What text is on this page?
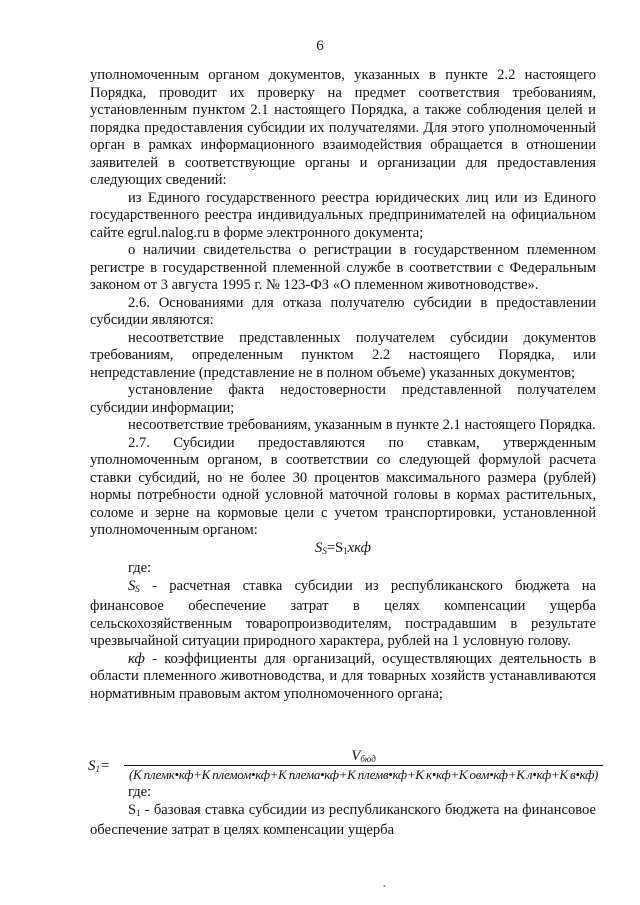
6

уполномоченным органом документов, указанных в пункте 2.2 настоящего Порядка, проводит их проверку на предмет соответствия требованиям, установленным пунктом 2.1 настоящего Порядка, а также соблюдения целей и порядка предоставления субсидии их получателями. Для этого уполномоченный орган в рамках информационного взаимодействия обращается в отношении заявителей в соответствующие органы и организации для предоставления следующих сведений:

из Единого государственного реестра юридических лиц или из Единого государственного реестра индивидуальных предпринимателей на официальном сайте egrul.nalog.ru в форме электронного документа;

о наличии свидетельства о регистрации в государственном племенном регистре в государственной племенной службе в соответствии с Федеральным законом от 3 августа 1995 г. № 123-ФЗ «О племенном животноводстве».

2.6. Основаниями для отказа получателю субсидии в предоставлении субсидии являются:

несоответствие представленных получателем субсидии документов требованиям, определенным пунктом 2.2 настоящего Порядка, или непредставление (представление не в полном объеме) указанных документов;

установление факта недостоверности представленной получателем субсидии информации;

несоответствие требованиям, указанным в пункте 2.1 настоящего Порядка.

2.7. Субсидии предоставляются по ставкам, утвержденным уполномоченным органом, в соответствии со следующей формулой расчета ставки субсидий, но не более 30 процентов максимального размера (рублей) нормы потребности одной условной маточной головы в кормах растительных, соломе и зерне на кормовые цели с учетом транспортировки, установленной уполномоченным органом:

$S_S=S_1хкф$

где:

$S_S$ - расчетная ставка субсидии из республиканского бюджета на финансовое обеспечение затрат в целях компенсации ущерба сельскохозяйственным товаропроизводителям, пострадавшим в результате чрезвычайной ситуации природного характера, рублей на 1 условную голову.

кф - коэффициенты для организаций, осуществляющих деятельность в области племенного животноводства, и для товарных хозяйств устанавливаются нормативным правовым актом уполномоченного органа;

$S_1=$
$V_{бюд}$
(K племк•кф+K племом•кф+K плема•кф+K племв•кф+K к•кф+K овм•кф+K л•кф+K в•кф)

где:

$S_1$ - базовая ставка субсидии из республиканского бюджета на финансовое обеспечение затрат в целях компенсации ущерба

•
